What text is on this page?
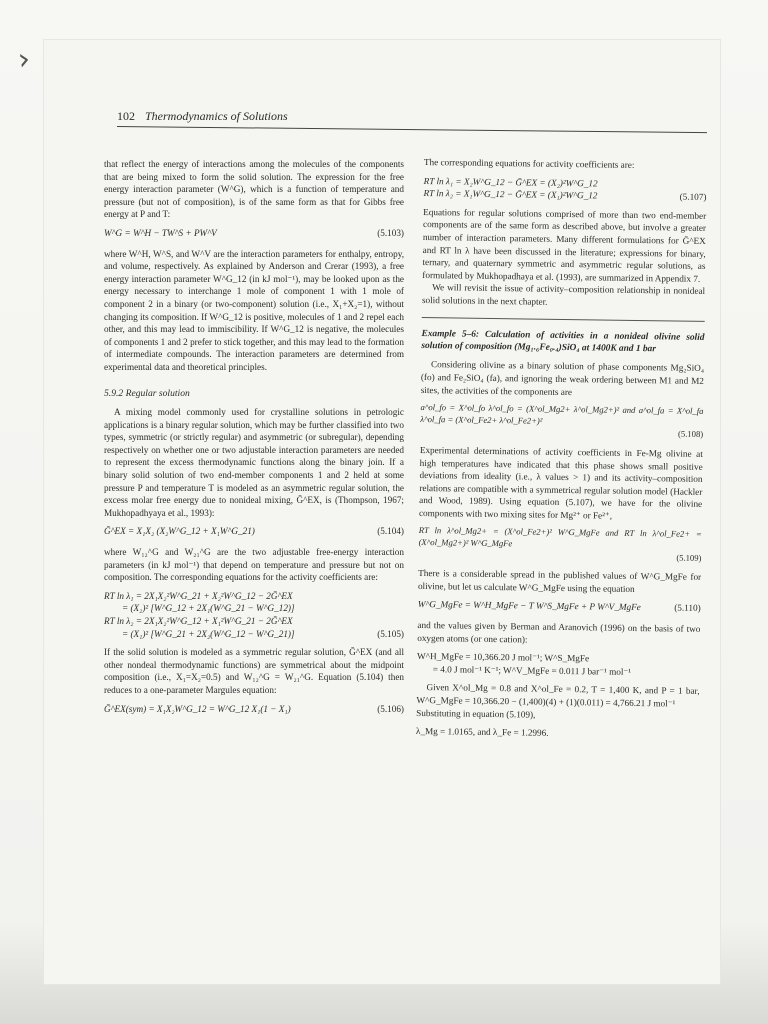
›
102 Thermodynamics of Solutions

that reflect the energy of interactions among the molecules of the components that are being mixed to form the solid solution. The expression for the free energy interaction parameter (W^G), which is a function of temperature and pressure (but not of composition), is of the same form as that for Gibbs free energy at P and T:

W^G = W^H − TW^S + PW^V	(5.103)

where W^H, W^S, and W^V are the interaction parameters for enthalpy, entropy, and volume, respectively. As explained by Anderson and Crerar (1993), a free energy interaction parameter W^G_12 (in kJ mol⁻¹), may be looked upon as the energy necessary to interchange 1 mole of component 1 with 1 mole of component 2 in a binary (or two-component) solution (i.e., X₁+X₂=1), without changing its composition. If W^G_12 is positive, molecules of 1 and 2 repel each other, and this may lead to immiscibility. If W^G_12 is negative, the molecules of components 1 and 2 prefer to stick together, and this may lead to the formation of intermediate compounds. The interaction parameters are determined from experimental data and theoretical principles.

5.9.2 Regular solution

A mixing model commonly used for crystalline solutions in petrologic applications is a binary regular solution, which may be further classified into two types, symmetric (or strictly regular) and asymmetric (or subregular), depending respectively on whether one or two adjustable interaction parameters are needed to represent the excess thermodynamic functions along the binary join. If a binary solid solution of two end-member components 1 and 2 held at some pressure P and temperature T is modeled as an asymmetric regular solution, the excess molar free energy due to nonideal mixing, Ḡ^EX, is (Thompson, 1967; Mukhopadhyaya et al., 1993):

Ḡ^EX = X₁X₂ (X₂W^G_12 + X₁W^G_21)	(5.104)

where W₁₂^G and W₂₁^G are the two adjustable free-energy interaction parameters (in kJ mol⁻¹) that depend on temperature and pressure but not on composition. The corresponding equations for the activity coefficients are:

RT ln λ₁ = 2X₁X₂²W^G_21 + X₂²W^G_12 − 2Ḡ^EX
= (X₂)² [W^G_12 + 2X₁(W^G_21 − W^G_12)]
RT ln λ₂ = 2X₁X₂²W^G_12 + X₁²W^G_21 − 2Ḡ^EX
= (X₁)² [W^G_21 + 2X₂(W^G_12 − W^G_21)]	(5.105)

If the solid solution is modeled as a symmetric regular solution, Ḡ^EX (and all other nondeal thermodynamic functions) are symmetrical about the midpoint composition (i.e., X₁=X₂=0.5) and W₁₂^G = W₂₁^G. Equation (5.104) then reduces to a one-parameter Margules equation:

Ḡ^EX(sym) = X₁X₂W^G_12 = W^G_12 X₁(1 − X₁)	(5.106)

The corresponding equations for activity coefficients are:

RT ln λ₁ = X₂W^G_12 − Ḡ^EX = (X₂)²W^G_12
RT ln λ₂ = X₁W^G_12 − Ḡ^EX = (X₁)²W^G_12	(5.107)

Equations for regular solutions comprised of more than two end-member components are of the same form as described above, but involve a greater number of interaction parameters. Many different formulations for Ḡ^EX and RT ln λ have been discussed in the literature; expressions for binary, ternary, and quaternary symmetric and asymmetric regular solutions, as formulated by Mukhopadhaya et al. (1993), are summarized in Appendix 7.

We will revisit the issue of activity–composition relationship in nonideal solid solutions in the next chapter.

Example 5–6: Calculation of activities in a nonideal olivine solid solution of composition (Mg₁.₆Fe₀.₄)SiO₄ at 1400K and 1 bar

Considering olivine as a binary solution of phase components Mg₂SiO₄ (fo) and Fe₂SiO₄ (fa), and ignoring the weak ordering between M1 and M2 sites, the activities of the components are

a^ol_fo = X^ol_fo λ^ol_fo = (X^ol_Mg2+ λ^ol_Mg2+)² and a^ol_fa = X^ol_fa λ^ol_fa = (X^ol_Fe2+ λ^ol_Fe2+)²
(5.108)

Experimental determinations of activity coefficients in Fe-Mg olivine at high temperatures have indicated that this phase shows small positive deviations from ideality (i.e., λ values > 1) and its activity–composition relations are compatible with a symmetrical regular solution model (Hackler and Wood, 1989). Using equation (5.107), we have for the olivine components with two mixing sites for Mg²⁺ or Fe²⁺,

RT ln λ^ol_Mg2+ = (X^ol_Fe2+)² W^G_MgFe and RT ln λ^ol_Fe2+ = (X^ol_Mg2+)² W^G_MgFe
(5.109)

There is a considerable spread in the published values of W^G_MgFe for olivine, but let us calculate W^G_MgFe using the equation

W^G_MgFe = W^H_MgFe − T W^S_MgFe + P W^V_MgFe	(5.110)

and the values given by Berman and Aranovich (1996) on the basis of two oxygen atoms (or one cation):

W^H_MgFe = 10,366.20 J mol⁻¹; W^S_MgFe
= 4.0 J mol⁻¹ K⁻¹; W^V_MgFe = 0.011 J bar⁻¹ mol⁻¹

Given X^ol_Mg = 0.8 and X^ol_Fe = 0.2, T = 1,400 K, and P = 1 bar, W^G_MgFe = 10,366.20 − (1,400)(4) + (1)(0.011) = 4,766.21 J mol⁻¹

Substituting in equation (5.109),

λ_Mg = 1.0165, and λ_Fe = 1.2996.
